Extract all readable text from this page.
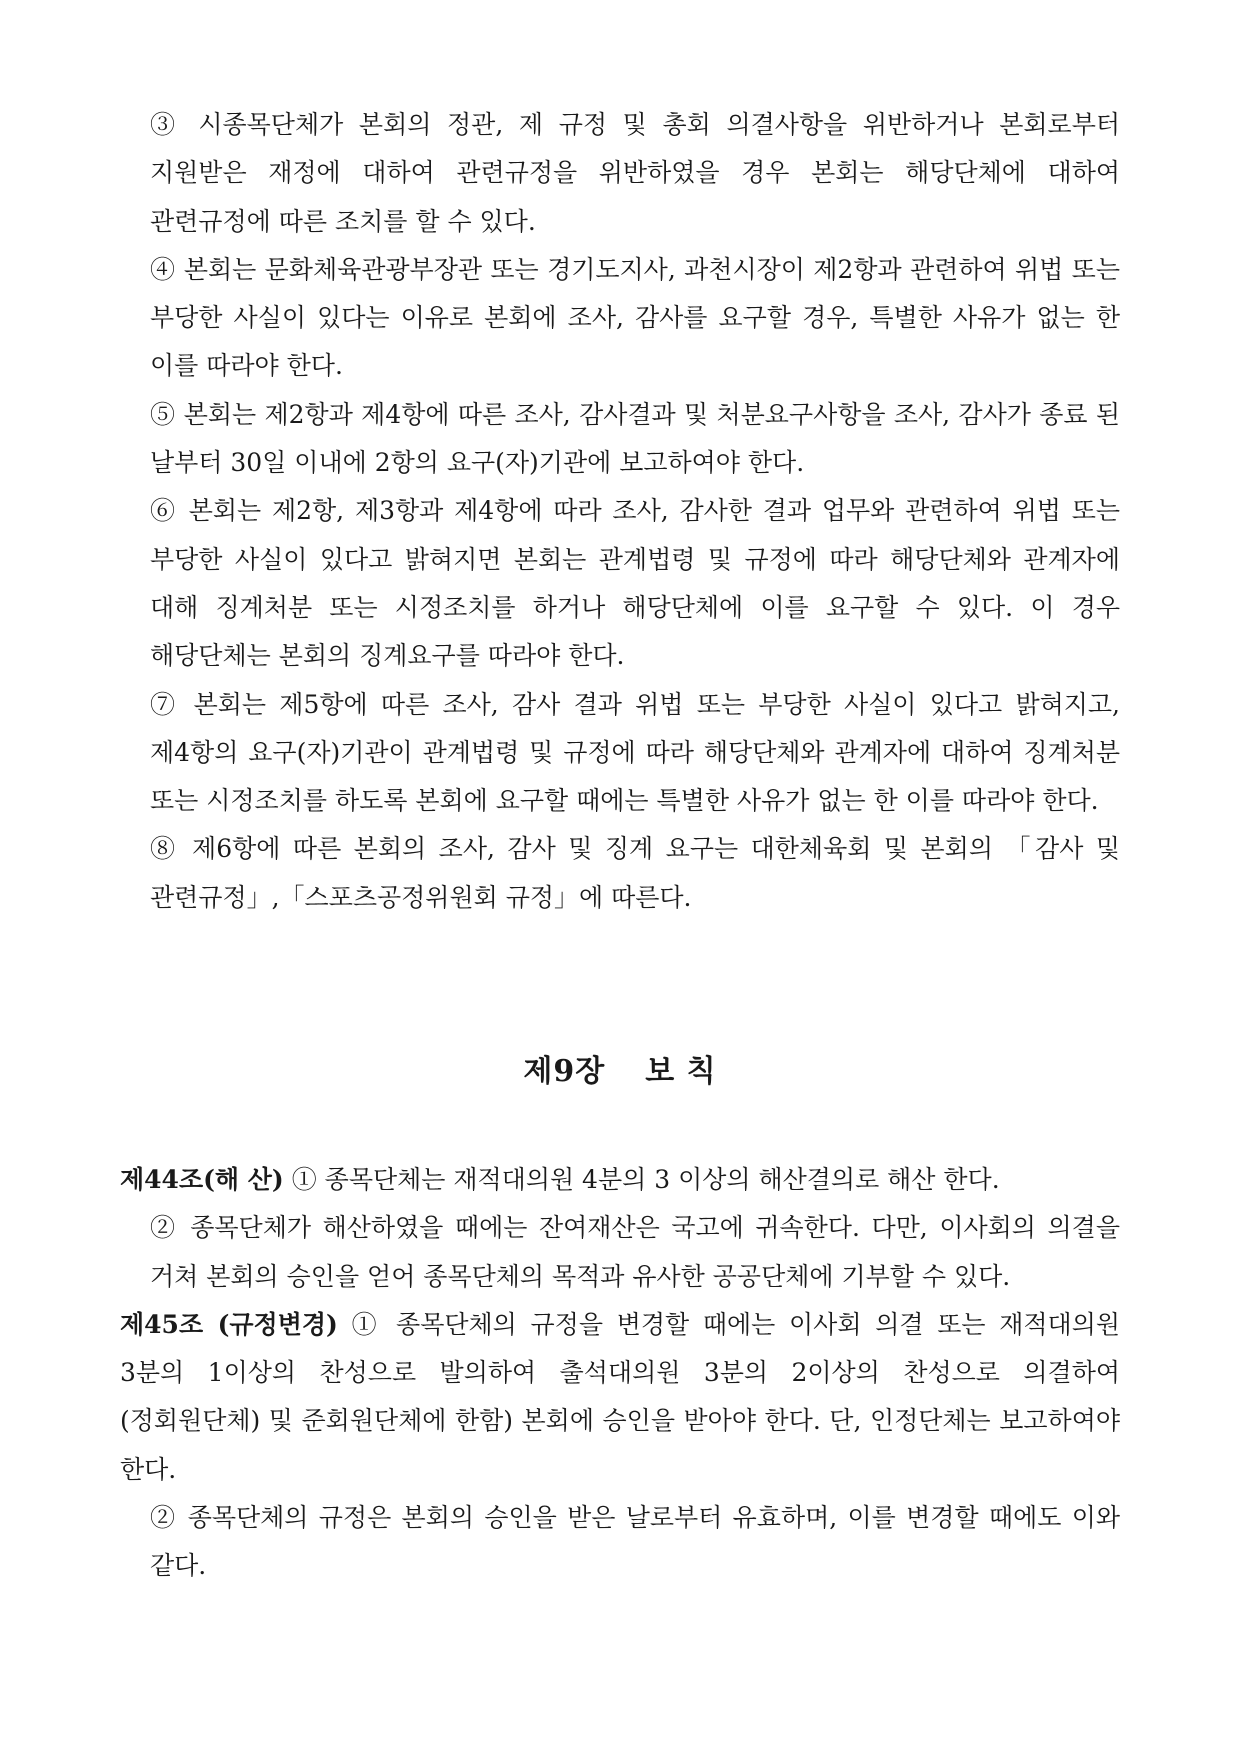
③ 시종목단체가 본회의 정관, 제 규정 및 총회 의결사항을 위반하거나 본회로부터 지원받은 재정에 대하여 관련규정을 위반하였을 경우 본회는 해당단체에 대하여 관련규정에 따른 조치를 할 수 있다.

④ 본회는 문화체육관광부장관 또는 경기도지사, 과천시장이 제2항과 관련하여 위법 또는 부당한 사실이 있다는 이유로 본회에 조사, 감사를 요구할 경우, 특별한 사유가 없는 한 이를 따라야 한다.

⑤ 본회는 제2항과 제4항에 따른 조사, 감사결과 및 처분요구사항을 조사, 감사가 종료 된 날부터 30일 이내에 2항의 요구(자)기관에 보고하여야 한다.

⑥ 본회는 제2항, 제3항과 제4항에 따라 조사, 감사한 결과 업무와 관련하여 위법 또는 부당한 사실이 있다고 밝혀지면 본회는 관계법령 및 규정에 따라 해당단체와 관계자에 대해 징계처분 또는 시정조치를 하거나 해당단체에 이를 요구할 수 있다. 이 경우 해당단체는 본회의 징계요구를 따라야 한다.

⑦ 본회는 제5항에 따른 조사, 감사 결과 위법 또는 부당한 사실이 있다고 밝혀지고, 제4항의 요구(자)기관이 관계법령 및 규정에 따라 해당단체와 관계자에 대하여 징계처분 또는 시정조치를 하도록 본회에 요구할 때에는 특별한 사유가 없는 한 이를 따라야 한다.

⑧ 제6항에 따른 본회의 조사, 감사 및 징계 요구는 대한체육회 및 본회의 「감사 및 관련규정」,「스포츠공정위원회 규정」에 따른다.

제9장 보 칙

제44조(해 산) ① 종목단체는 재적대의원 4분의 3 이상의 해산결의로 해산 한다.

② 종목단체가 해산하였을 때에는 잔여재산은 국고에 귀속한다. 다만, 이사회의 의결을 거쳐 본회의 승인을 얻어 종목단체의 목적과 유사한 공공단체에 기부할 수 있다.

제45조 (규정변경) ① 종목단체의 규정을 변경할 때에는 이사회 의결 또는 재적대의원 3분의 1이상의 찬성으로 발의하여 출석대의원 3분의 2이상의 찬성으로 의결하여(정회원단체) 및 준회원단체에 한함) 본회에 승인을 받아야 한다. 단, 인정단체는 보고하여야 한다.

② 종목단체의 규정은 본회의 승인을 받은 날로부터 유효하며, 이를 변경할 때에도 이와 같다.
